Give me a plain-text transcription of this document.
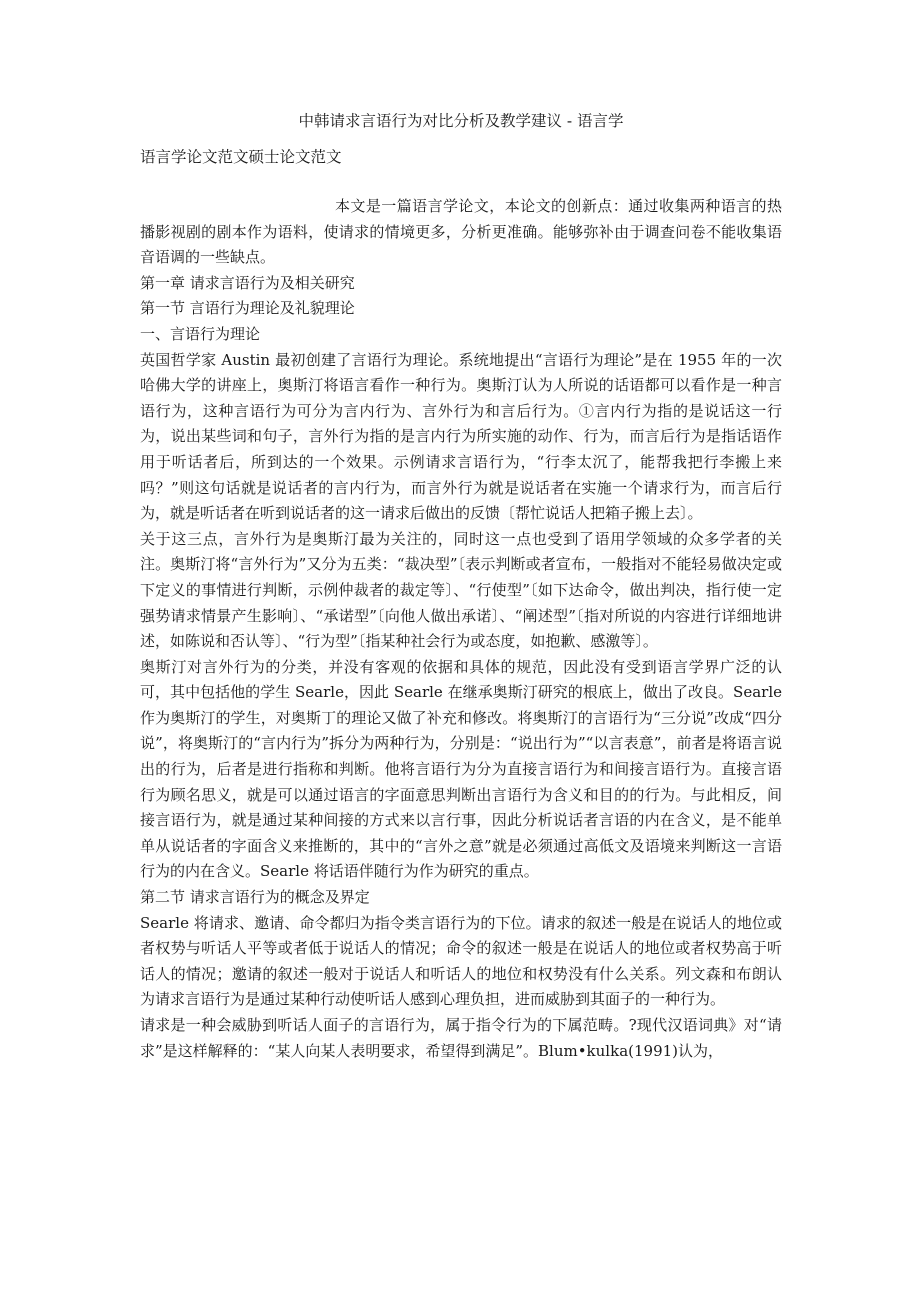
中韩请求言语行为对比分析及教学建议 - 语言学
语言学论文范文硕士论文范文

本文是一篇语言学论文，本论文的创新点：通过收集两种语言的热播影视剧的剧本作为语料，使请求的情境更多，分析更准确。能够弥补由于调查问卷不能收集语音语调的一些缺点。

第一章 请求言语行为及相关研究
第一节 言语行为理论及礼貌理论
一、言语行为理论

英国哲学家 Austin 最初创建了言语行为理论。系统地提出“言语行为理论”是在 1955 年的一次哈佛大学的讲座上，奥斯汀将语言看作一种行为。奥斯汀认为人所说的话语都可以看作是一种言语行为，这种言语行为可分为言内行为、言外行为和言后行为。①言内行为指的是说话这一行为，说出某些词和句子，言外行为指的是言内行为所实施的动作、行为，而言后行为是指话语作用于听话者后，所到达的一个效果。示例请求言语行为，“行李太沉了，能帮我把行李搬上来吗？”则这句话就是说话者的言内行为，而言外行为就是说话者在实施一个请求行为，而言后行为，就是听话者在听到说话者的这一请求后做出的反馈〔帮忙说话人把箱子搬上去〕。

关于这三点，言外行为是奥斯汀最为关注的，同时这一点也受到了语用学领域的众多学者的关注。奥斯汀将“言外行为”又分为五类：“裁决型”〔表示判断或者宣布，一般指对不能轻易做决定或下定义的事情进行判断，示例仲裁者的裁定等〕、“行使型”〔如下达命令，做出判决，指行使一定强势请求情景产生影响〕、“承诺型”〔向他人做出承诺〕、“阐述型”〔指对所说的内容进行详细地讲述，如陈说和否认等〕、“行为型”〔指某种社会行为或态度，如抱歉、感激等〕。

奥斯汀对言外行为的分类，并没有客观的依据和具体的规范，因此没有受到语言学界广泛的认可，其中包括他的学生 Searle，因此 Searle 在继承奥斯汀研究的根底上，做出了改良。Searle 作为奥斯汀的学生，对奥斯丁的理论又做了补充和修改。将奥斯汀的言语行为“三分说”改成“四分说”，将奥斯汀的“言内行为”拆分为两种行为，分别是：“说出行为”“以言表意”，前者是将语言说出的行为，后者是进行指称和判断。他将言语行为分为直接言语行为和间接言语行为。直接言语行为顾名思义，就是可以通过语言的字面意思判断出言语行为含义和目的的行为。与此相反，间接言语行为，就是通过某种间接的方式来以言行事，因此分析说话者言语的内在含义，是不能单单从说话者的字面含义来推断的，其中的“言外之意”就是必须通过高低文及语境来判断这一言语行为的内在含义。Searle 将话语伴随行为作为研究的重点。

第二节 请求言语行为的概念及界定

Searle 将请求、邀请、命令都归为指令类言语行为的下位。请求的叙述一般是在说话人的地位或者权势与听话人平等或者低于说话人的情况；命令的叙述一般是在说话人的地位或者权势高于听话人的情况；邀请的叙述一般对于说话人和听话人的地位和权势没有什么关系。列文森和布朗认为请求言语行为是通过某种行动使听话人感到心理负担，进而威胁到其面子的一种行为。

请求是一种会威胁到听话人面子的言语行为，属于指令行为的下属范畴。?现代汉语词典》对“请求”是这样解释的：“某人向某人表明要求，希望得到满足”。Blum•kulka(1991)认为，
